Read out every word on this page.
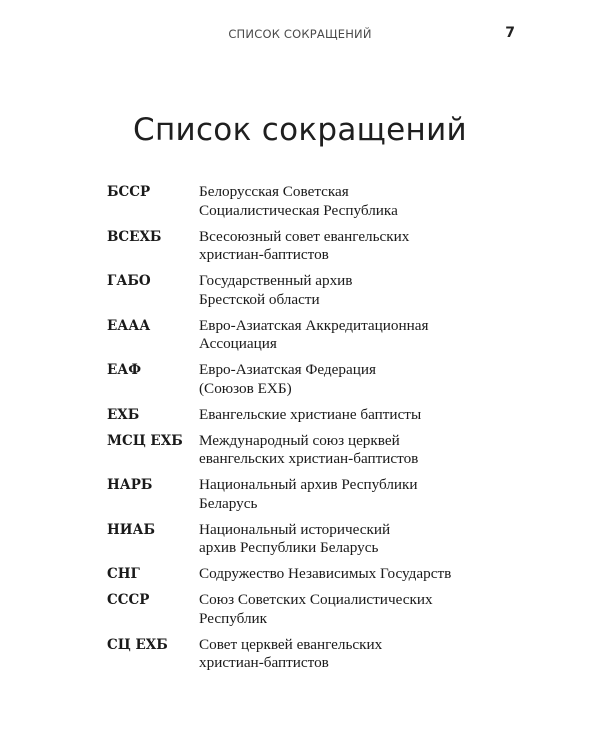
СПИСОК СОКРАЩЕНИЙ	7
Список сокращений
БССР	Белорусская Советская
Социалистическая Республика
ВСЕХБ	Всесоюзный совет евангельских
христиан-баптистов
ГАБО	Государственный архив
Брестской области
ЕААА	Евро-Азиатская Аккредитационная
Ассоциация
ЕАФ	Евро-Азиатская Федерация
(Союзов ЕХБ)
ЕХБ	Евангельские христиане баптисты
МСЦ ЕХБ	Международный союз церквей
евангельских христиан-баптистов
НАРБ	Национальный архив Республики
Беларусь
НИАБ	Национальный исторический
архив Республики Беларусь
СНГ	Содружество Независимых Государств
СССР	Союз Советских Социалистических
Республик
СЦ ЕХБ	Совет церквей евангельских
христиан-баптистов
